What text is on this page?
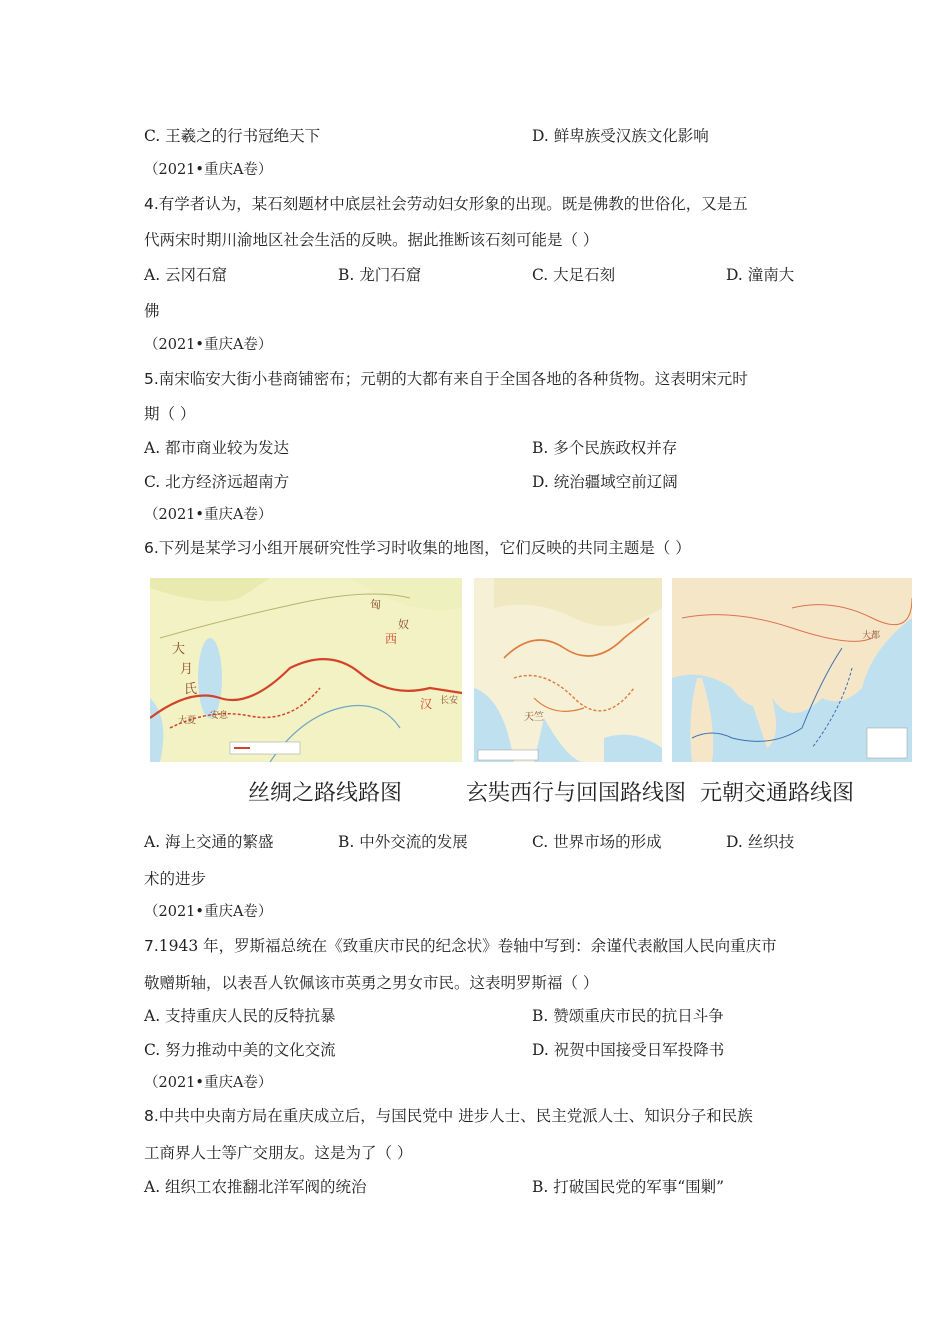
C. 王羲之的行书冠绝天下	D. 鲜卑族受汉族文化影响
（2021•重庆A卷）
4.有学者认为，某石刻题材中底层社会劳动妇女形象的出现。既是佛教的世俗化，又是五
代两宋时期川渝地区社会生活的反映。据此推断该石刻可能是（ ）
A. 云冈石窟	B. 龙门石窟	C. 大足石刻	D. 潼南大
佛
（2021•重庆A卷）
5.南宋临安大街小巷商铺密布；元朝的大都有来自于全国各地的各种货物。这表明宋元时
期（ ）
A. 都市商业较为发达	B. 多个民族政权并存
C. 北方经济远超南方	D. 统治疆域空前辽阔
（2021•重庆A卷）
6.下列是某学习小组开展研究性学习时收集的地图，它们反映的共同主题是（ ）
匈
奴
大
月
氏
西
汉 长安
安息
大夏	天竺
大都
丝绸之路线路图	玄奘西行与回国路线图 元朝交通路线图
A. 海上交通的繁盛	B. 中外交流的发展	C. 世界市场的形成	D. 丝织技
术的进步
（2021•重庆A卷）
7.1943 年，罗斯福总统在《致重庆市民的纪念状》卷轴中写到：余谨代表敝国人民向重庆市
敬赠斯轴，以表吾人钦佩该市英勇之男女市民。这表明罗斯福（ ）
A. 支持重庆人民的反特抗暴	B. 赞颂重庆市民的抗日斗争
C. 努力推动中美的文化交流	D. 祝贺中国接受日军投降书
（2021•重庆A卷）
8.中共中央南方局在重庆成立后，与国民党中 进步人士、民主党派人士、知识分子和民族
工商界人士等广交朋友。这是为了（ ）
A. 组织工农推翻北洋军阀的统治	B. 打破国民党的军事“围剿”
